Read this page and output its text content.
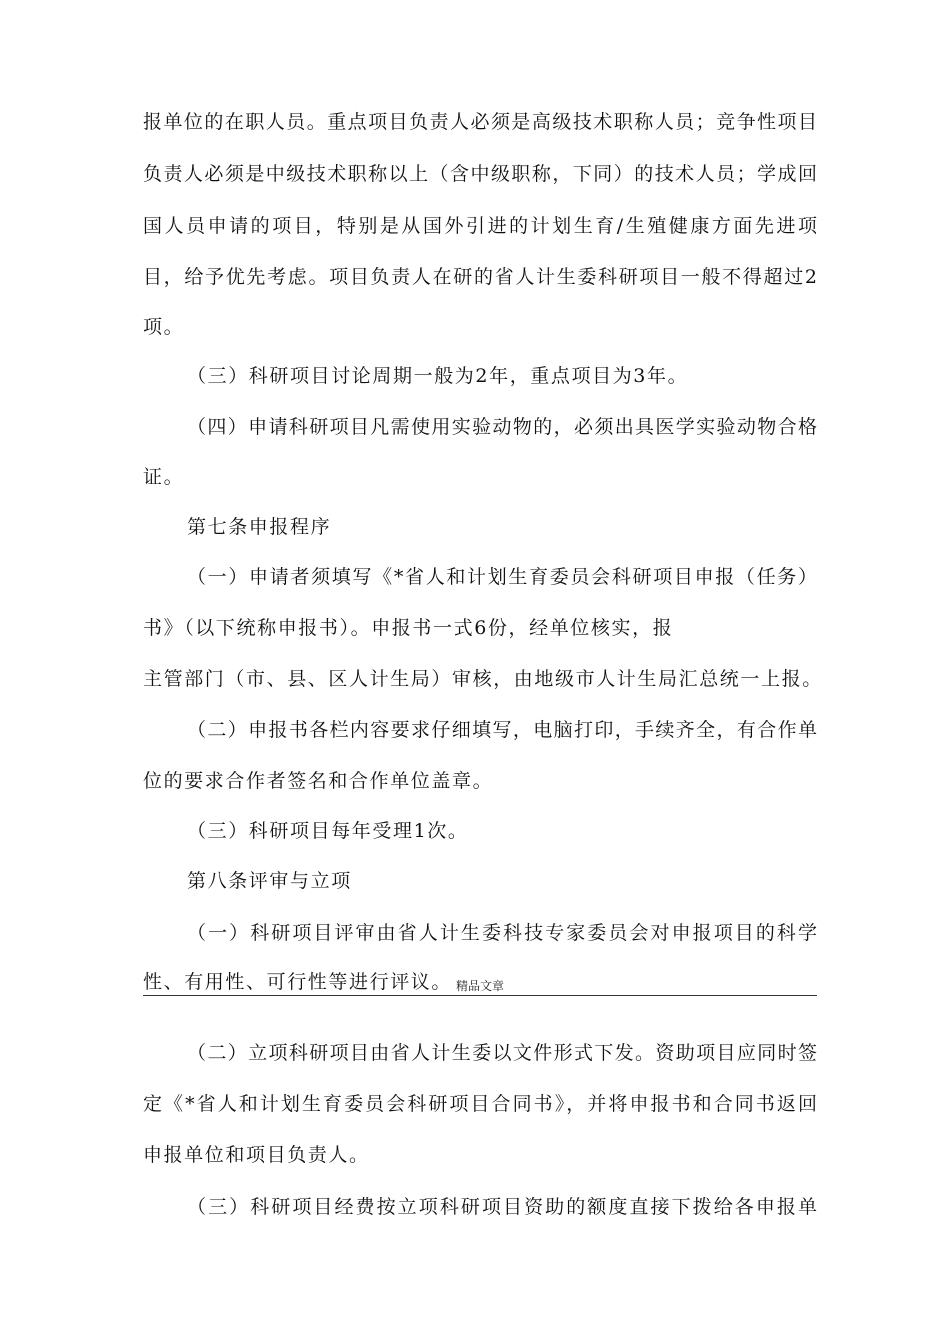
报单位的在职人员。重点项目负责人必须是高级技术职称人员；竞争性项目

负责人必须是中级技术职称以上（含中级职称，下同）的技术人员；学成回

国人员申请的项目，特别是从国外引进的计划生育/生殖健康方面先进项

目，给予优先考虑。项目负责人在研的省人计生委科研项目一般不得超过2

项。

（三）科研项目讨论周期一般为2年，重点项目为3年。

（四）申请科研项目凡需使用实验动物的，必须出具医学实验动物合格

证。

第七条申报程序

（一）申请者须填写《*省人和计划生育委员会科研项目申报（任务）

书》（以下统称申报书）。申报书一式6份，经单位核实，报

主管部门（市、县、区人计生局）审核，由地级市人计生局汇总统一上报。

（二）申报书各栏内容要求仔细填写，电脑打印，手续齐全，有合作单

位的要求合作者签名和合作单位盖章。

（三）科研项目每年受理1次。

第八条评审与立项

（一）科研项目评审由省人计生委科技专家委员会对申报项目的科学

性、有用性、可行性等进行评议。 精品文章

（二）立项科研项目由省人计生委以文件形式下发。资助项目应同时签

定《*省人和计划生育委员会科研项目合同书》，并将申报书和合同书返回

申报单位和项目负责人。

（三）科研项目经费按立项科研项目资助的额度直接下拨给各申报单
